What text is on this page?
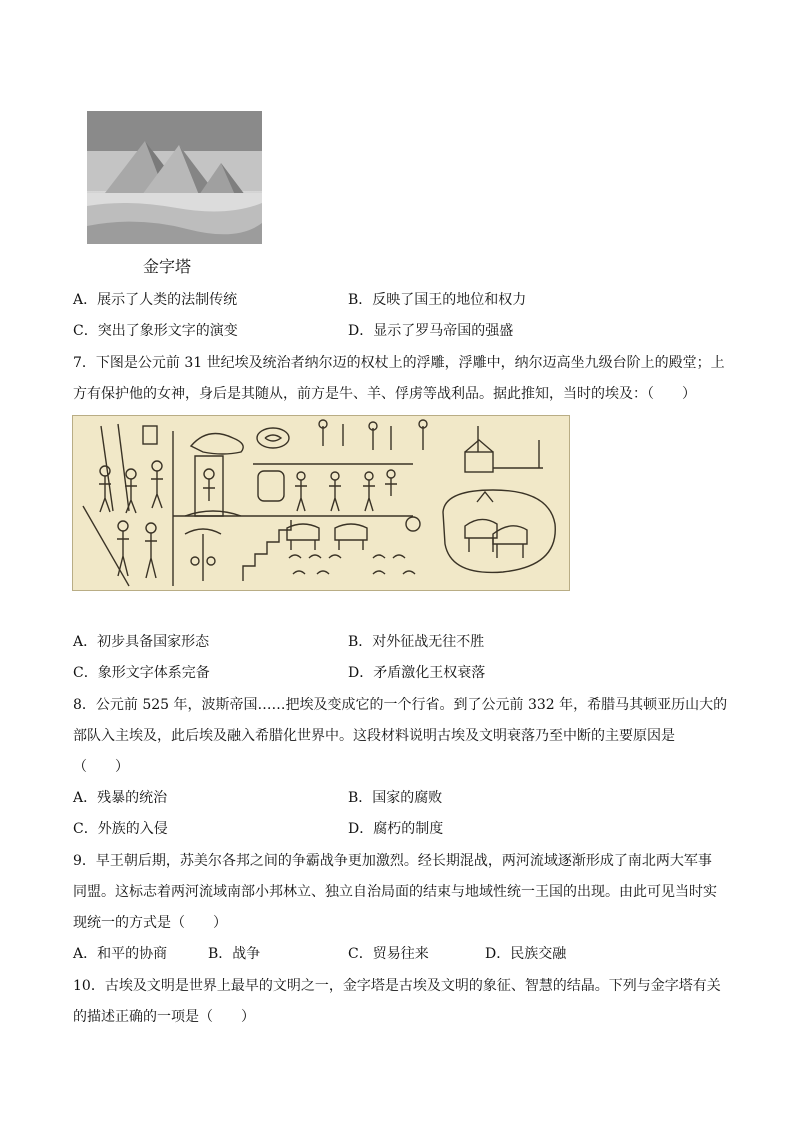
金字塔
A．展示了人类的法制传统	B．反映了国王的地位和权力
C．突出了象形文字的演变	D．显示了罗马帝国的强盛
7．下图是公元前 31 世纪埃及统治者纳尔迈的权杖上的浮雕，浮雕中，纳尔迈高坐九级台阶上的殿堂；上
方有保护他的女神，身后是其随从，前方是牛、羊、俘虏等战利品。据此推知，当时的埃及：（　　）
A．初步具备国家形态	B．对外征战无往不胜
C．象形文字体系完备	D．矛盾激化王权衰落
8．公元前 525 年，波斯帝国……把埃及变成它的一个行省。到了公元前 332 年，希腊马其顿亚历山大的
部队入主埃及，此后埃及融入希腊化世界中。这段材料说明古埃及文明衰落乃至中断的主要原因是
（　　）
A．残暴的统治	B．国家的腐败
C．外族的入侵	D．腐朽的制度
9．早王朝后期，苏美尔各邦之间的争霸战争更加激烈。经长期混战，两河流域逐渐形成了南北两大军事
同盟。这标志着两河流域南部小邦林立、独立自治局面的结束与地域性统一王国的出现。由此可见当时实
现统一的方式是（　　）
A．和平的协商	B．战争	C．贸易往来	D．民族交融
10．古埃及文明是世界上最早的文明之一，金字塔是古埃及文明的象征、智慧的结晶。下列与金字塔有关
的描述正确的一项是（　　）
